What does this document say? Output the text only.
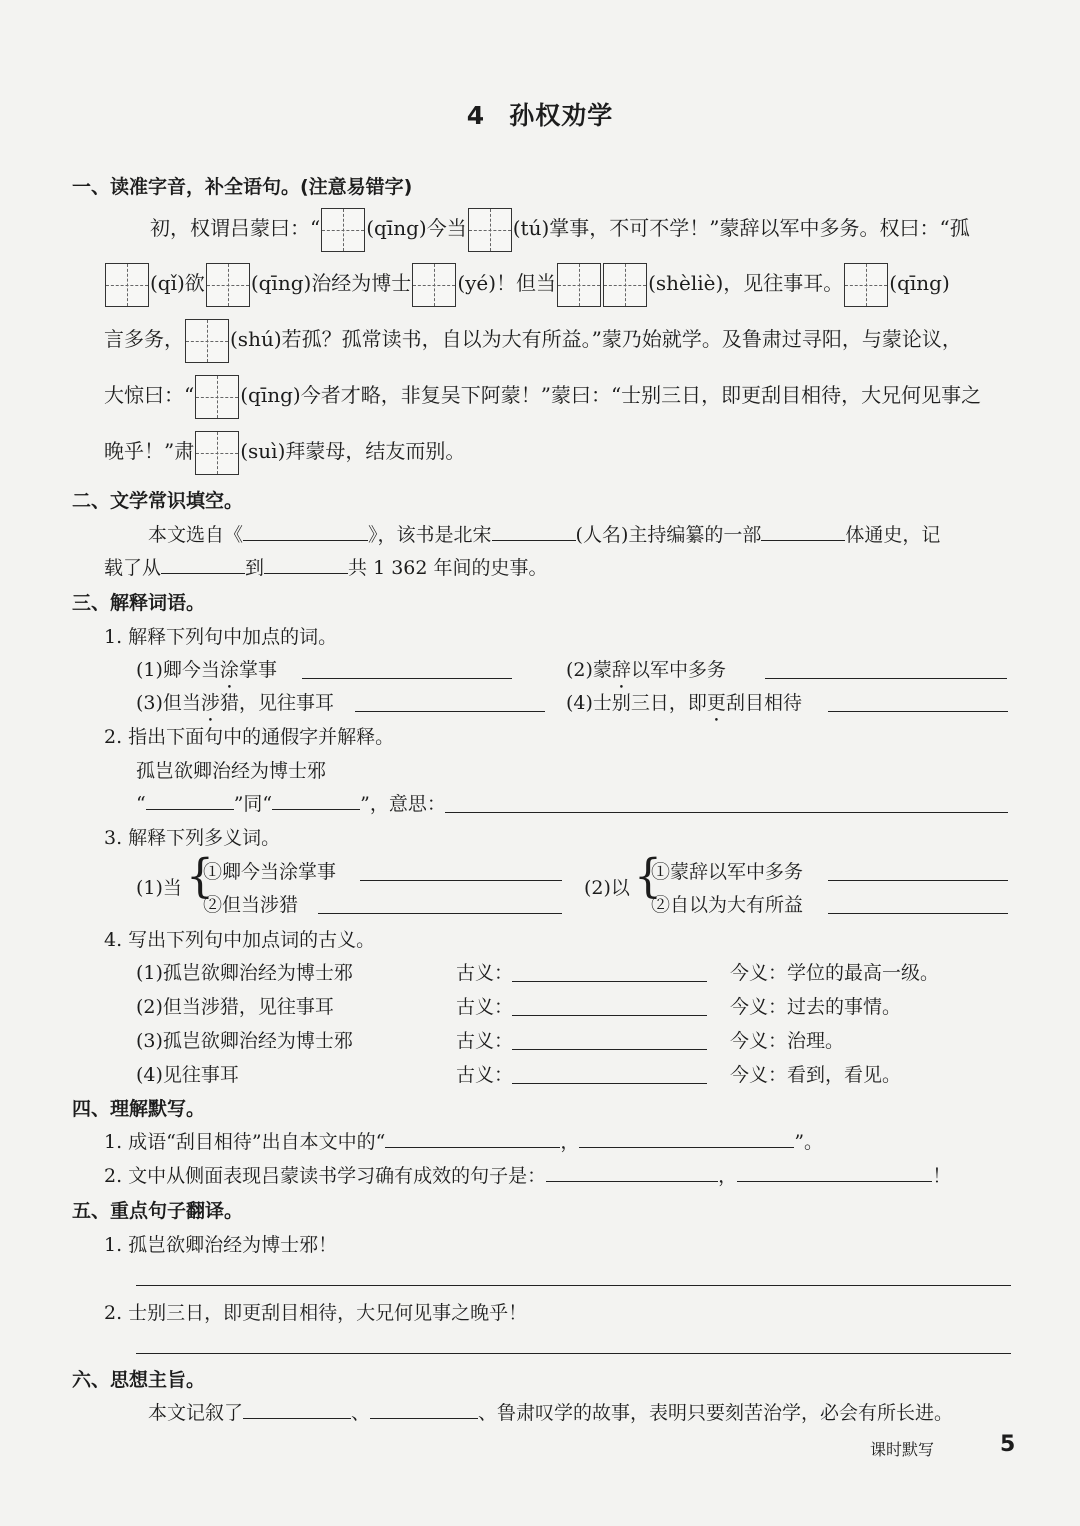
4 孙权劝学
一、读准字音，补全语句。(注意易错字)
初，权谓吕蒙曰：“ (qīng)今当 (tú)掌事，不可不学！”蒙辞以军中多务。权曰：“孤
(qǐ)欲 (qīng)治经为博士 (yé)！但当	(shèliè)，见往事耳。 (qīng)
言多务， (shú)若孤？孤常读书，自以为大有所益。”蒙乃始就学。及鲁肃过寻阳，与蒙论议，
大惊曰：“ (qīng)今者才略，非复吴下阿蒙！”蒙曰：“士别三日，即更刮目相待，大兄何见事之
晚乎！”肃 (suì)拜蒙母，结友而别。
二、文学常识填空。
本文选自《	》，该书是北宋	(人名)主持编纂的一部	体通史，记
载了从	到	共 1 362 年间的史事。
三、解释词语。
1. 解释下列句中加点的词。
(1)卿今当涂掌事	(2)蒙辞以军中多务
(3)但当涉猎，见往事耳	(4)士别三日，即更刮目相待
2. 指出下面句中的通假字并解释。
孤岂欲卿治经为博士邪
“	”同“	”，意思：
3. 解释下列多义词。
(1)当 {
①卿今当涂掌事
②但当涉猎
(2)以 {
①蒙辞以军中多务
②自以为大有所益
4. 写出下列句中加点词的古义。
(1)孤岂欲卿治经为博士邪	古义：	今义：学位的最高一级。
(2)但当涉猎，见往事耳	古义：	今义：过去的事情。
(3)孤岂欲卿治经为博士邪	古义：	今义：治理。
(4)见往事耳	古义：	今义：看到，看见。
四、理解默写。
1. 成语“刮目相待”出自本文中的“	，	”。
2. 文中从侧面表现吕蒙读书学习确有成效的句子是：	，	！
五、重点句子翻译。
1. 孤岂欲卿治经为博士邪！
2. 士别三日，即更刮目相待，大兄何见事之晚乎！
六、思想主旨。
本文记叙了	、	、鲁肃叹学的故事，表明只要刻苦治学，必会有所长进。
课时默写	5
